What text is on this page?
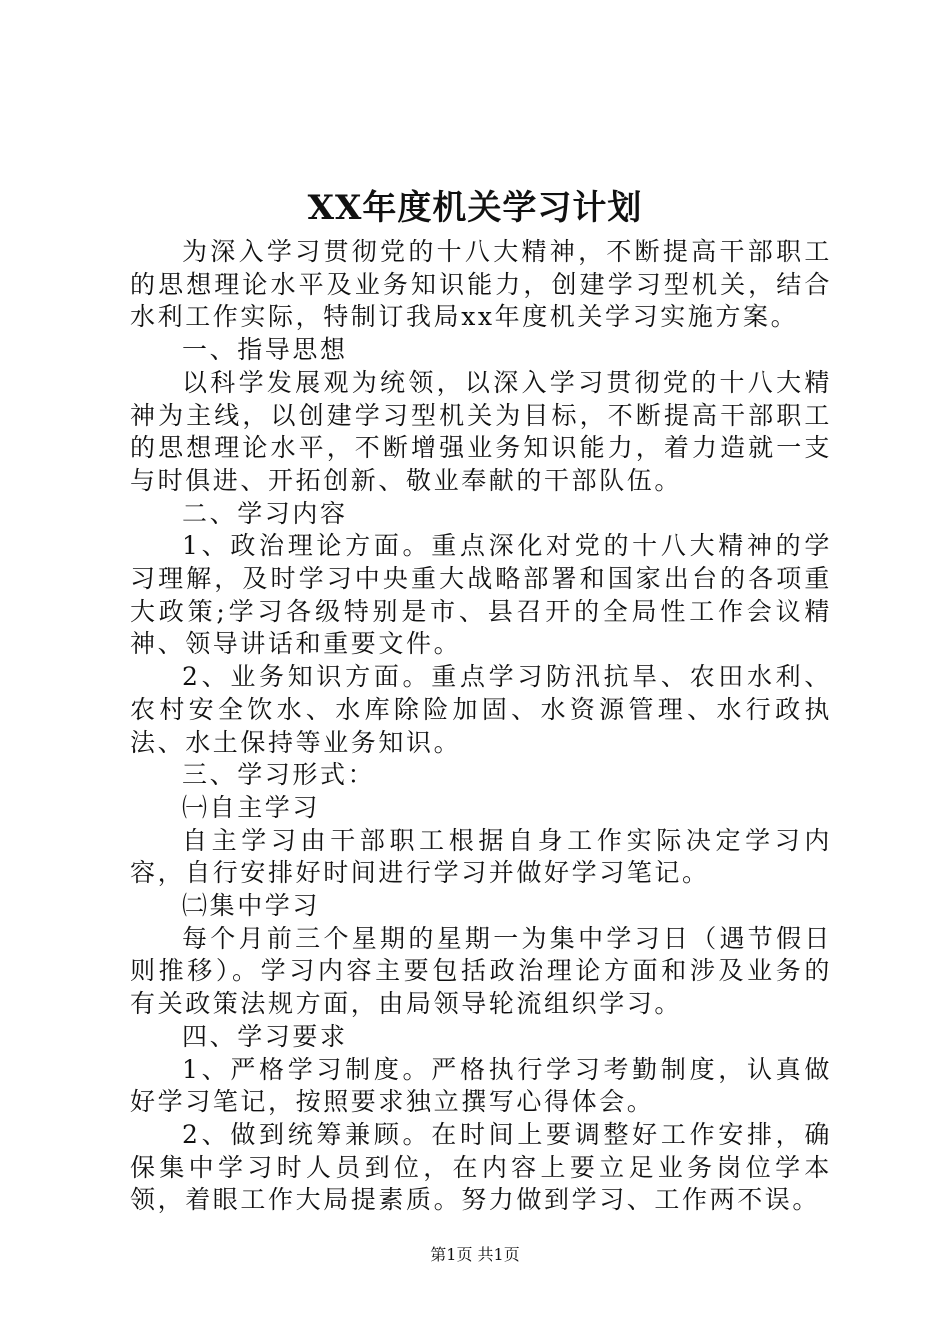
XX年度机关学习计划

为深入学习贯彻党的十八大精神，不断提高干部职工的思想理论水平及业务知识能力，创建学习型机关，结合水利工作实际，特制订我局xx年度机关学习实施方案。

一、指导思想

以科学发展观为统领，以深入学习贯彻党的十八大精神为主线，以创建学习型机关为目标，不断提高干部职工的思想理论水平，不断增强业务知识能力，着力造就一支与时俱进、开拓创新、敬业奉献的干部队伍。

二、学习内容

1、政治理论方面。重点深化对党的十八大精神的学习理解，及时学习中央重大战略部署和国家出台的各项重大政策;学习各级特别是市、县召开的全局性工作会议精神、领导讲话和重要文件。

2、业务知识方面。重点学习防汛抗旱、农田水利、农村安全饮水、水库除险加固、水资源管理、水行政执法、水土保持等业务知识。

三、学习形式：

㈠自主学习

自主学习由干部职工根据自身工作实际决定学习内容，自行安排好时间进行学习并做好学习笔记。

㈡集中学习

每个月前三个星期的星期一为集中学习日（遇节假日则推移）。学习内容主要包括政治理论方面和涉及业务的有关政策法规方面，由局领导轮流组织学习。

四、学习要求

1、严格学习制度。严格执行学习考勤制度，认真做好学习笔记，按照要求独立撰写心得体会。

2、做到统筹兼顾。在时间上要调整好工作安排，确保集中学习时人员到位，在内容上要立足业务岗位学本领，着眼工作大局提素质。努力做到学习、工作两不误。

第1页 共1页
